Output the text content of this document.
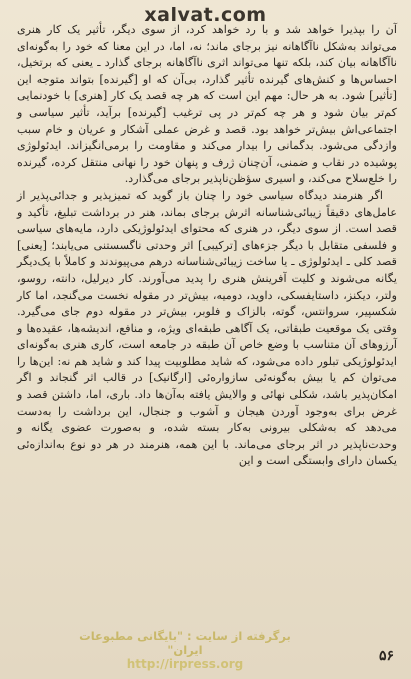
xalvat.com

آن را بپذیرا خواهد شد و با رد خواهد کرد، از سوی دیگر، تأثیر یک کار هنری می‌تواند به‌شکل ناآگاهانه نیز برجای ماند؛ نه، اما، در این معنا که خود را به‌گونه‌ای ناآگاهانه بیان کند، بلکه تنها می‌تواند اثری ناآگاهانه برجای گذارد ـ یعنی که برتخیل، احساس‌ها و کنش‌های گیرنده تأثیر گذارد، بی‌آن که او [گیرنده] بتواند متوجه این [تأثیر] شود. به هر حال: مهم این است که هر چه قصد یک کار [هنری] با خودنمایی کم‌تر بیان شود و هر چه کم‌تر در پی ترغیب [گیرنده] برآید، تأثیر سیاسی و اجتماعی‌اش بیش‌تر خواهد بود. قصد و غرض عملی آشکار و عریان و خام سبب وازدگی می‌شود. بدگمانی را بیدار می‌کند و مقاومت را برمی‌انگیزاند. ایدئولوژی پوشیده در نقاب و ضمنی، آن‌چنان ژرف و پنهان خود را نهانی منتقل کرده، گیرنده را خلع‌سلاح می‌کند، و اسیری سؤظن‌ناپذیر برجای می‌گذارد.

اگر هنرمند دیدگاه سیاسی خود را چنان باز گوید که تمیزپذیر و جدائی‌پذیر از عامل‌های دقیقاً زیبائی‌شناسانه اثرش برجای بماند، هنر در برداشت تبلیغ، تأکید و قصد است. از سوی دیگر، در هنری که محتوای ایدئولوژیکی دارد، مایه‌های سیاسی و فلسفی متقابل با دیگر جزء‌های [ترکیبی] اثر وحدتی ناگسستنی می‌یابند؛ [یعنی] قصد کلی ـ ایدئولوژی ـ یا ساخت زیبائی‌شناسانه درهم می‌پیوندند و کاملاً با یک‌دیگر یگانه می‌شوند و کلیت آفرینش هنری را پدید می‌آورند. کار دیرلیل، دانته، روسو، ولتر، دیکنز، داستایفسکی، داوید، دومیه، بیش‌تر در مقوله نخست می‌گنجد، اما کار شکسپیر، سروانتس، گوته، بالزاک و فلوبر، بیش‌تر در مقوله دوم جای می‌گیرد. وقتی یک موقعیت طبقاتی، یک آگاهی طبقه‌ای ویژه، و منافع، اندیشه‌ها، عقیده‌ها و آرزوهای آن متناسب با وضع خاص آن طبقه در جامعه است، کاری هنری به‌گونه‌ای ایدئولوژیکی تبلور داده می‌شود، که شاید مطلوبیت پیدا کند و شاید هم نه: این‌ها را می‌توان کم یا بیش به‌گونه‌ئی سازواره‌ئی [ارگانیک] در قالب اثر گنجاند و اگر امکان‌پذیر باشد، شکلی نهائی و والایش یافته به‌آن‌ها داد. باری، اما، داشتن قصد و غرض برای به‌وجود آوردن هیجان و آشوب و جنجال، این برداشت را به‌دست می‌دهد که به‌شکلی بیرونی به‌کار بسته شده، و به‌صورت عضوی یگانه و وحدت‌ناپذیر در اثر برجای می‌ماند. با این همه، هنرمند در هر دو نوع به‌اندازه‌ئی یکسان دارای وابستگی است و این

۵۶
برگرفته از سایت : "بایگانی مطبوعات ایران"
http://irpress.org
